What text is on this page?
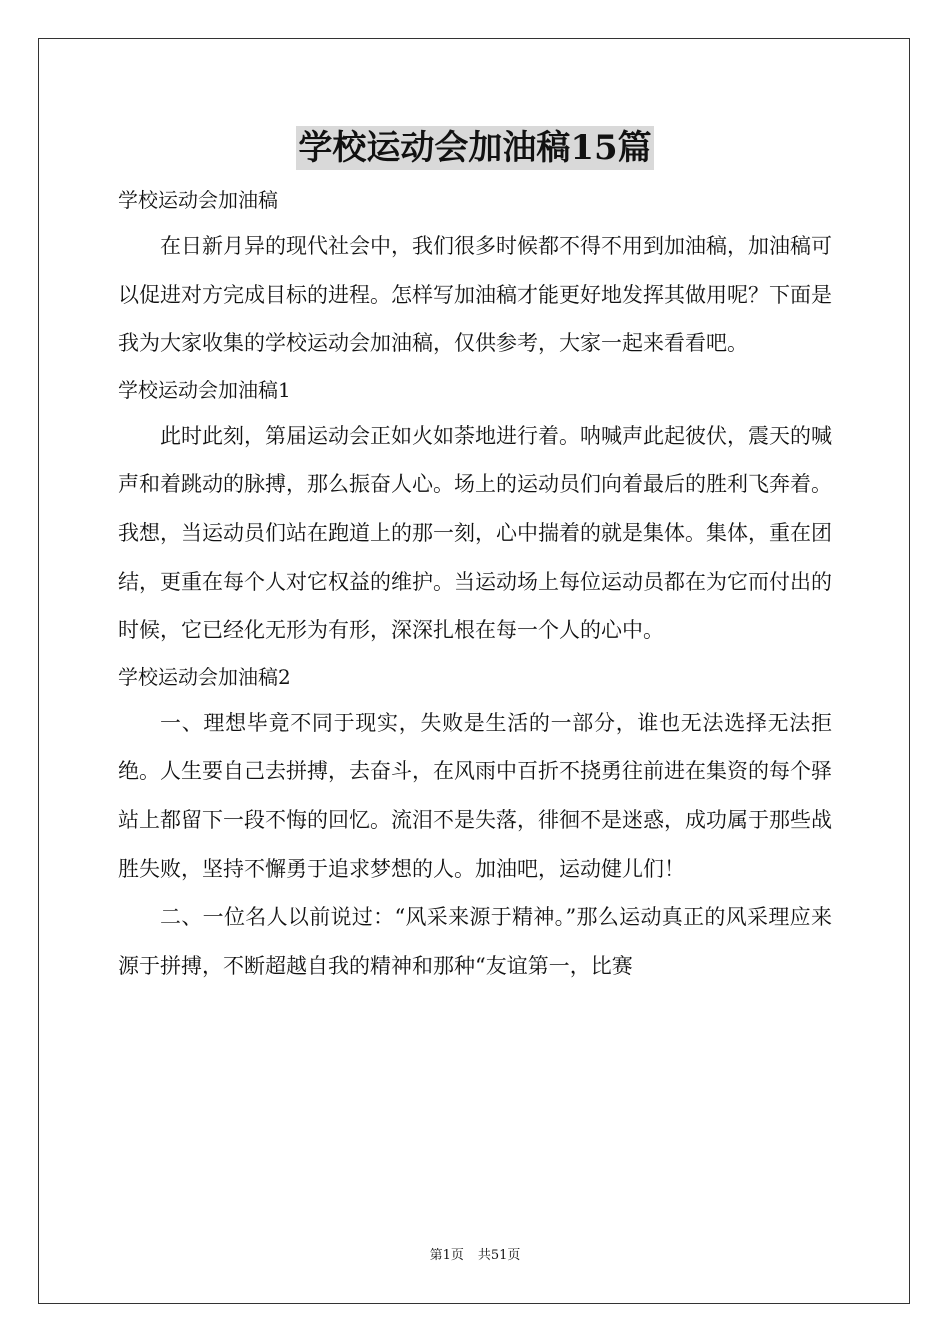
学校运动会加油稿15篇

学校运动会加油稿

在日新月异的现代社会中，我们很多时候都不得不用到加油稿，加油稿可以促进对方完成目标的进程。怎样写加油稿才能更好地发挥其做用呢？下面是我为大家收集的学校运动会加油稿，仅供参考，大家一起来看看吧。

学校运动会加油稿1

此时此刻，第届运动会正如火如荼地进行着。呐喊声此起彼伏，震天的喊声和着跳动的脉搏，那么振奋人心。场上的运动员们向着最后的胜利飞奔着。我想，当运动员们站在跑道上的那一刻，心中揣着的就是集体。集体，重在团结，更重在每个人对它权益的维护。当运动场上每位运动员都在为它而付出的时候，它已经化无形为有形，深深扎根在每一个人的心中。

学校运动会加油稿2

一、理想毕竟不同于现实，失败是生活的一部分，谁也无法选择无法拒绝。人生要自己去拼搏，去奋斗，在风雨中百折不挠勇往前进在集资的每个驿站上都留下一段不悔的回忆。流泪不是失落，徘徊不是迷惑，成功属于那些战胜失败，坚持不懈勇于追求梦想的人。加油吧，运动健儿们！

二、一位名人以前说过：“风采来源于精神。”那么运动真正的风采理应来源于拼搏，不断超越自我的精神和那种“友谊第一，比赛

第1页 共51页
